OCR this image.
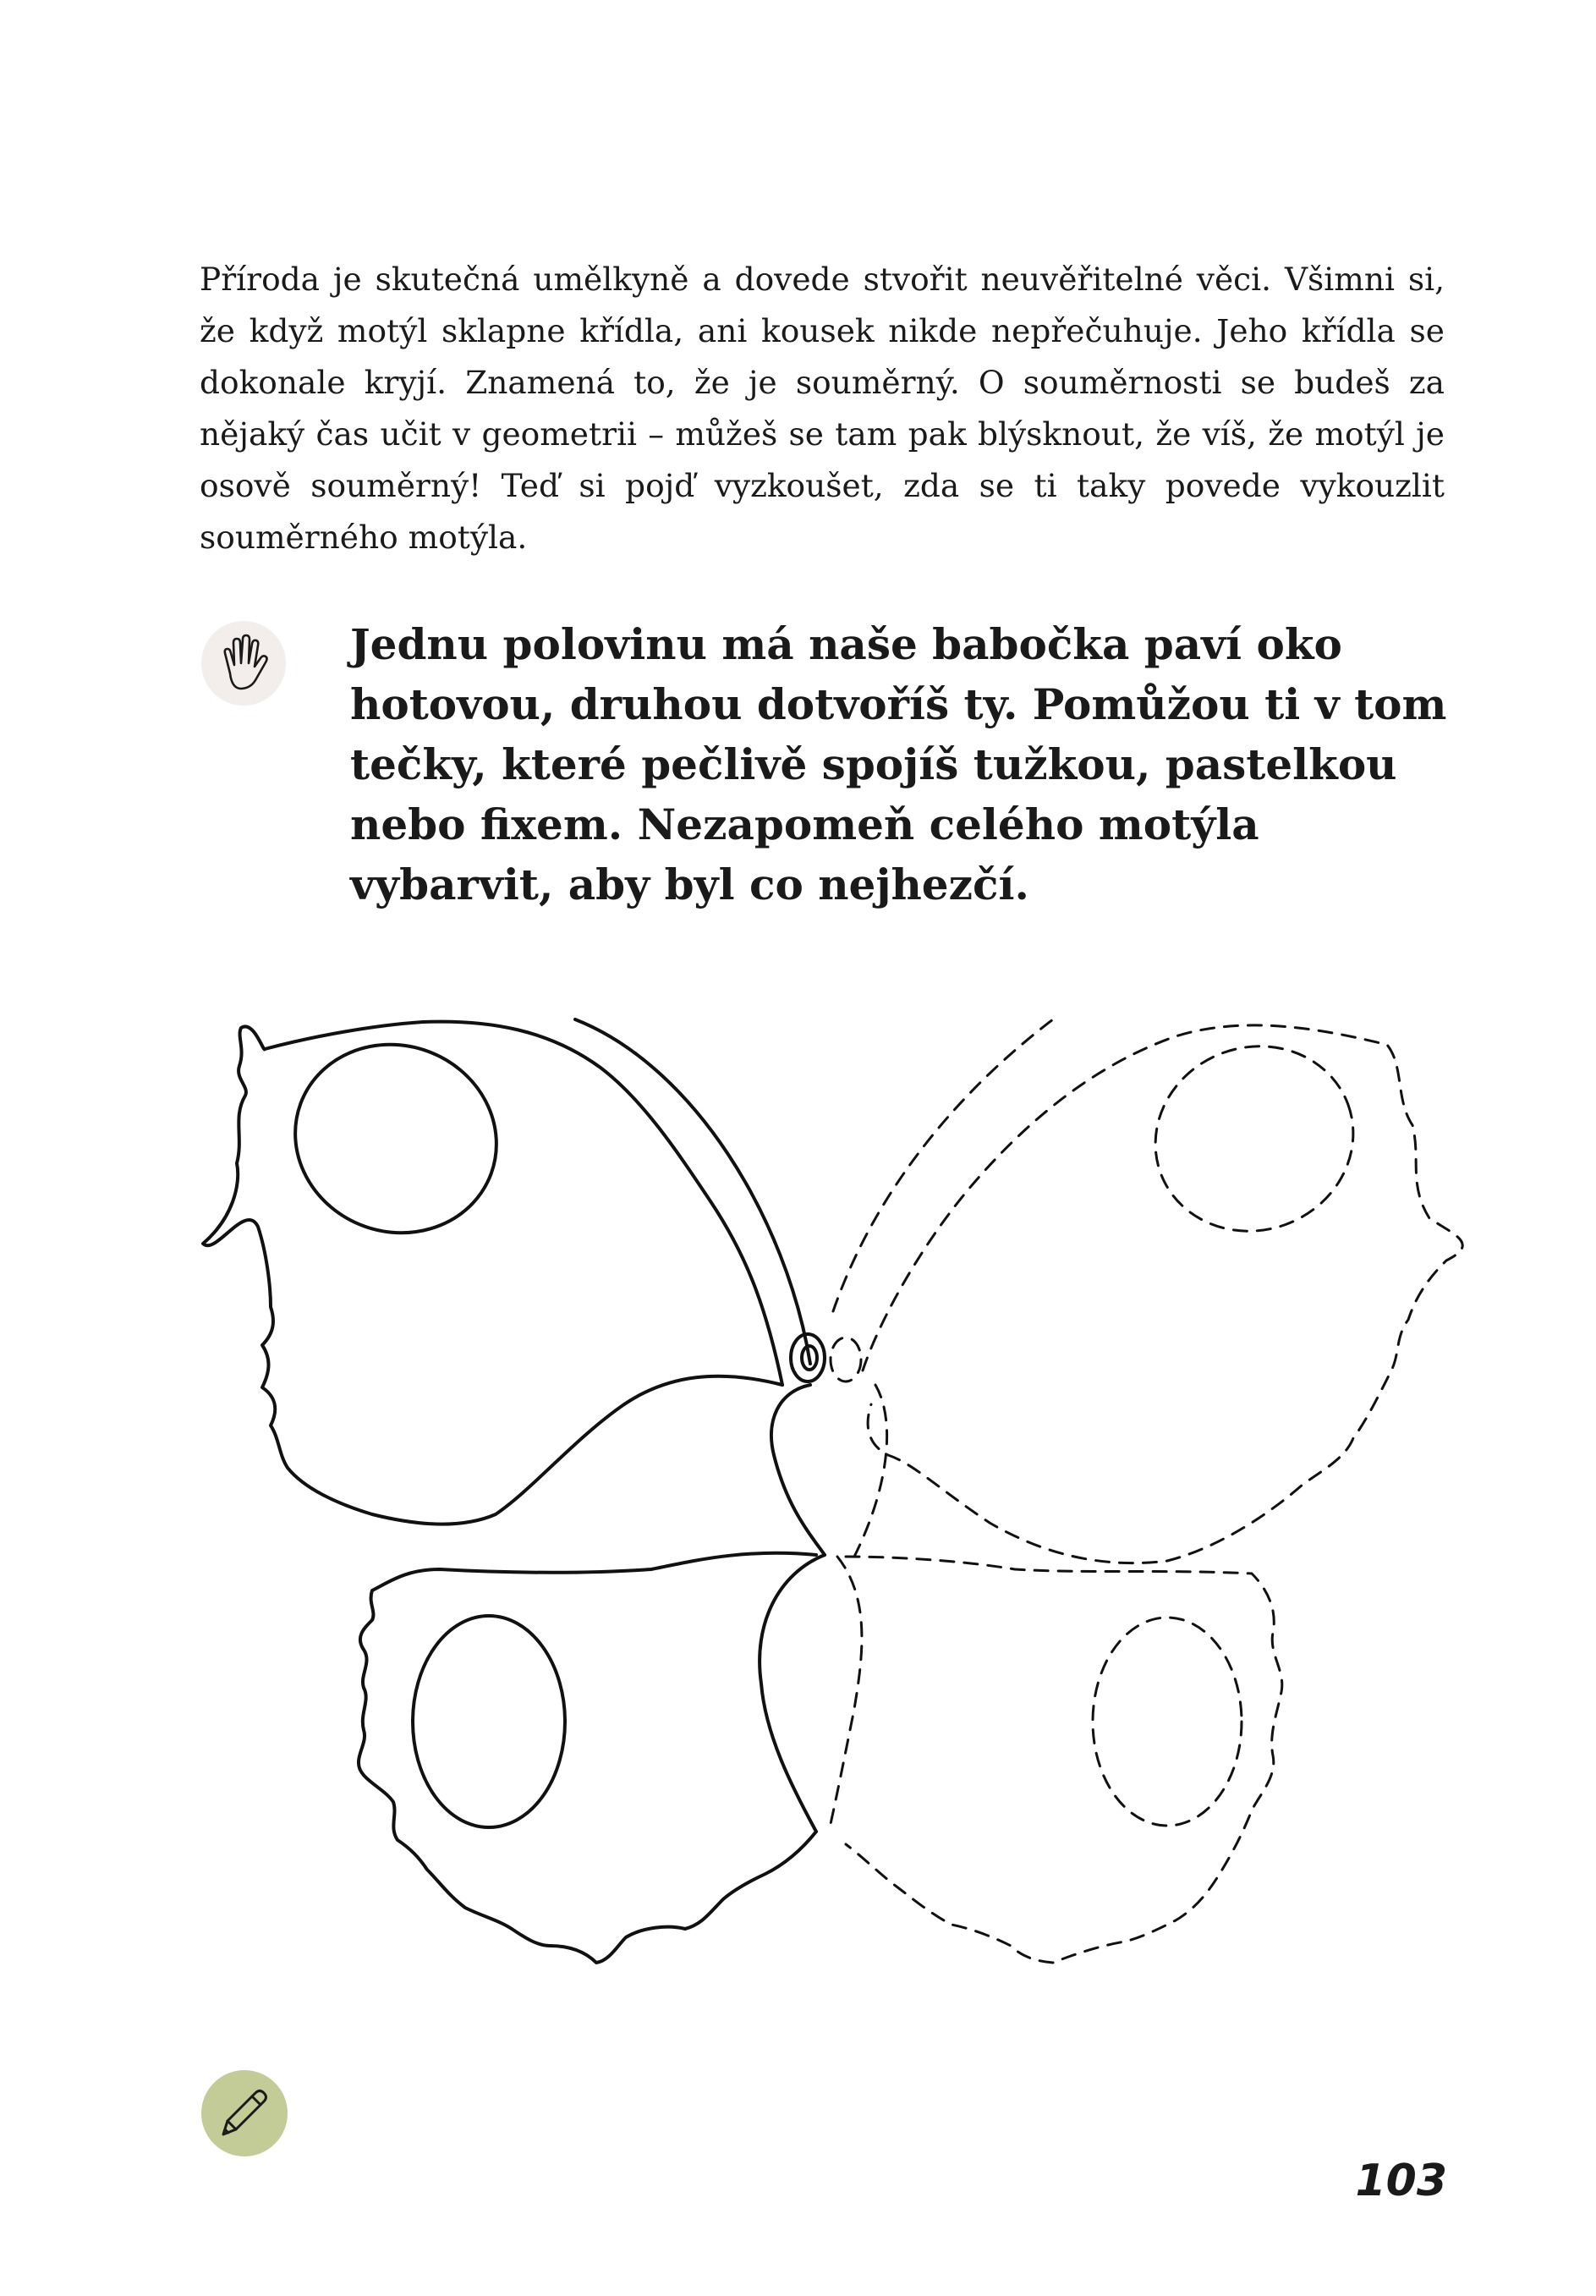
Příroda je skutečná umělkyně a dovede stvořit neuvěřitelné věci. Všimni si, že když motýl sklapne křídla, ani kousek nikde nepřečuhuje. Jeho křídla se dokonale kryjí. Znamená to, že je souměrný. O souměrnosti se budeš za nějaký čas učit v geometrii – můžeš se tam pak blýsknout, že víš, že motýl je osově souměrný! Teď si pojď vyzkoušet, zda se ti taky povede vykouzlit souměrného motýla.

Jednu polovinu má naše babočka paví oko hotovou, druhou dotvoříš ty. Pomůžou ti v tom tečky, které pečlivě spojíš tužkou, pastelkou nebo fixem. Nezapomeň celého motýla vybarvit, aby byl co nejhezčí.

103
